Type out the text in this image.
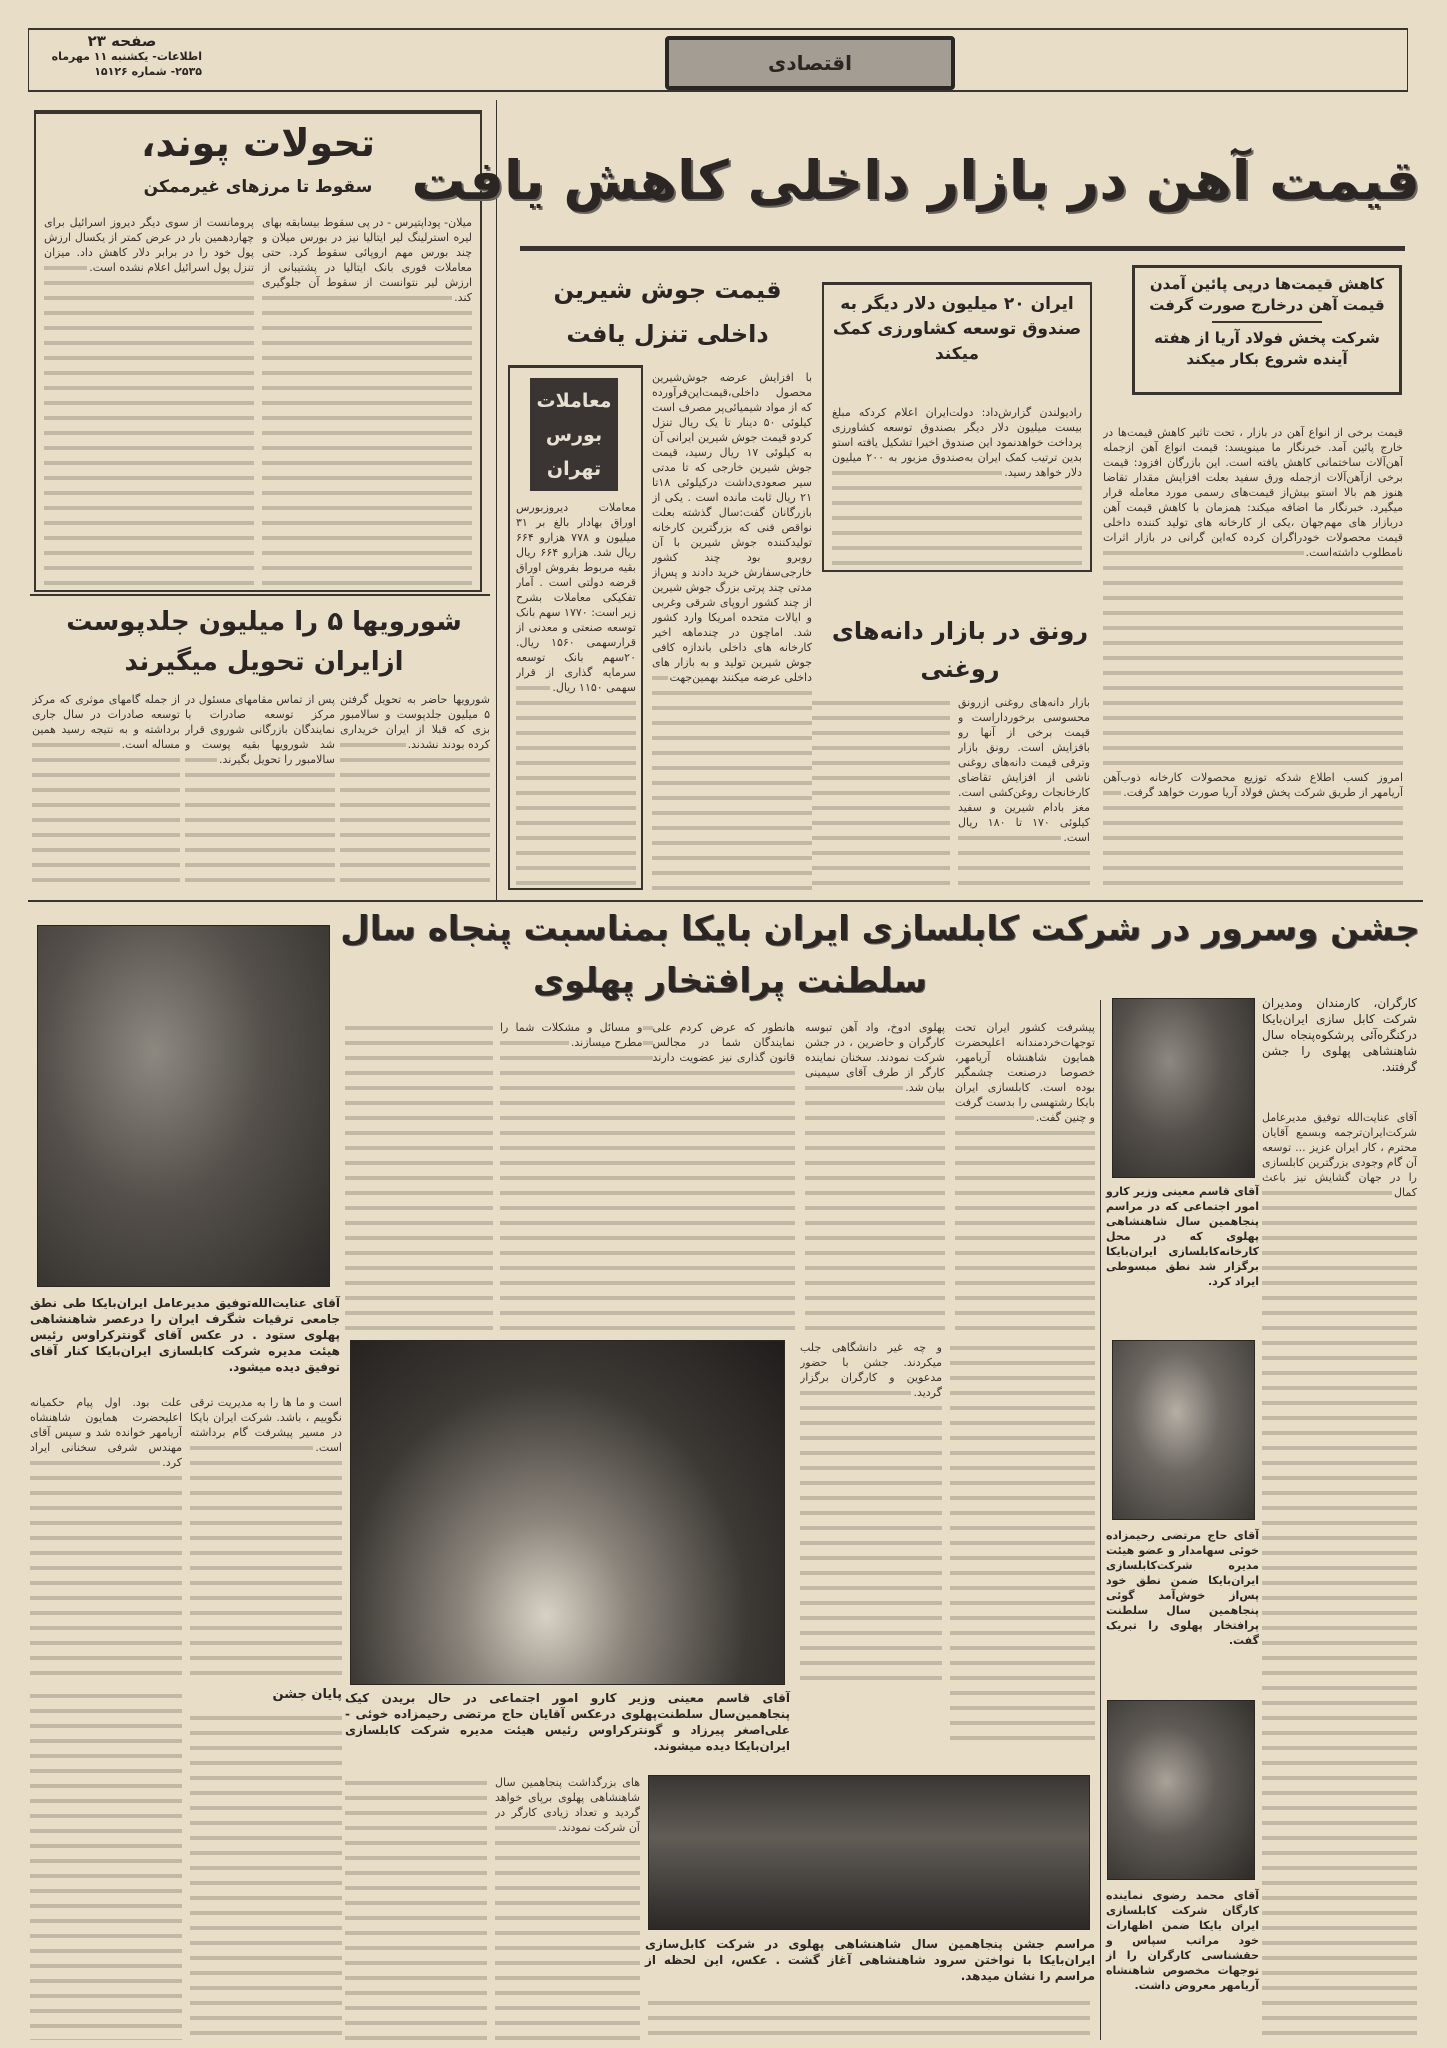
صفحه ۲۳
اطلاعات- یکشنبه ۱۱ مهرماه
۲۵۳۵- شماره ۱۵۱۲۶	اقتصادی
تحولات پوند،
سقوط تا مرزهای غیرممکن
میلان- پوداپتیرس - در پی سقوط بیسابقه بهای لیره استرلینگ لیر ایتالیا نیز در بورس میلان و چند بورس مهم اروپائی سقوط کرد. حتی معاملات فوری بانک ایتالیا در پشتیبانی از ارزش لیر نتوانست از سقوط آن جلوگیری کند.
پرو‌مانست از سوی دیگر دیروز اسرائیل برای چهاردهمین بار در عرض کمتر از یکسال ارزش پول خود را در برابر دلار کاهش داد. میزان تنزل پول اسرائیل اعلام نشده است.
قیمت آهن در بازار داخلی کاهش یافت
کاهش قیمت‌ها درپی پائین آمدن قیمت آهن درخارج صورت گرفت
شرکت پخش فولاد آریا از هفته آینده شروع بکار میکند
قیمت برخی از انواع آهن در بازار ، تحت تاثیر کاهش قیمت‌ها در خارج پائین آمد. خبرنگار ما مینویسد: قیمت انواع آهن ازجمله آهن‌آلات ساختمانی کاهش یافته است. این بازرگان افزود: قیمت برخی ازآهن‌آلات ازجمله ورق سفید بعلت افزایش مقدار تقاضا هنوز هم بالا استو بیش‌از قیمت‌های رسمی مورد معامله قرار میگیرد. خبرنگار ما اضافه میکند: همزمان با کاهش قیمت آهن دربازار های مهم‌جهان ،یکی از کارخانه های تولید کننده داخلی قیمت محصولات خودراگران کرده که‌این گرانی در بازار اثرات نامطلوب داشته‌است.
امروز کسب اطلاع شدکه توزیع محصولات کارخانه ذوب‌آهن آریامهر از طریق شرکت پخش فولاد آریا صورت خواهد گرفت.
ایران ۲۰ میلیون دلار دیگر به صندوق توسعه کشاورزی کمک میکند
رادیولندن گزارش‌داد: دولت‌ایران اعلام کردکه مبلغ بیست میلیون دلار دیگر بصندوق توسعه کشاورزی پرداخت خواهدنمود این صندوق اخیرا تشکیل یافته استو بدین ترتیب کمک ایران به‌صندوق مزبور به ۲۰۰ میلیون دلار خواهد رسید.
قیمت جوش شیرین داخلی تنزل یافت
با افزایش عرضه جوش‌شیرین محصول داخلی،قیمت‌این‌فرآورده که از مواد شیمیائی‌پر مصرف است کیلوئی ۵۰ دینار تا یک ریال تنزل کردو قیمت جوش شیرین ایرانی آن به کیلوئی ۱۷ ریال رسید، قیمت جوش شیرین خارجی که تا مدتی سیر صعودی‌داشت درکیلوئی ۱۸تا ۲۱ ریال ثابت مانده است . یکی از بازرگانان گفت:سال گذشته بعلت نواقص فنی که بزرگترین کارخانه تولیدکننده جوش شیرین با آن روبرو بود چند کشور خارجی‌سفارش خرید دادند و پس‌از مدتی چند پرتی بزرگ جوش شیرین از چند کشور اروپای شرقی وغربی و ایالات متحده امریکا وارد کشور شد. اماچون در چندماهه اخیر کارخانه های داخلی باندازه کافی جوش شیرین تولید و به بازار های داخلی عرضه میکنند بهمین‌جهت
معاملات بورس تهران
معاملات دیروزبورس اوراق بهادار بالغ بر ۳۱ میلیون و ۷۷۸ هزارو ۶۶۴ ریال شد. هزارو ۶۶۴ ریال بقیه مربوط بفروش اوراق قرضه دولتی است . آمار تفکیکی معاملات بشرح زیر است: ۱۷۷۰ سهم بانک توسعه صنعتی و معدنی از قرارسهمی ۱۵۶۰ ریال. ۲۰سهم بانک توسعه سرمایه گذاری از قرار سهمی ۱۱۵۰ ریال.
رونق در بازار دانه‌های روغنی
بازار دانه‌های روغنی ازرونق محسوسی برخورداراست و قیمت برخی از آنها رو بافزایش است. رونق بازار وترقی قیمت دانه‌های روغنی ناشی از افزایش تقاضای کارخانجات روغن‌کشی است. مغز بادام شیرین و سفید کیلوئی ۱۷۰ تا ۱۸۰ ریال است.
شورویها ۵ را میلیون جلدپوست ازایران تحویل میگیرند
شورویها حاضر به تحویل گرفتن ۵ میلیون جلدپوست و سالامبور بزی که قبلا از ایران خریداری کرده بودند نشدند.
پس از تماس مقامهای مسئول در مرکز توسعه صادرات با نمایندگان بازرگانی شوروی قرار شد شورویها بقیه پوست و سالامبور را تحویل بگیرند.
از جمله گامهای موثری که مرکز توسعه صادرات در سال جاری برداشته و به نتیجه رسید همین مساله است.
جشن وسرور در شرکت کابلسازی ایران بایکا بمناسبت پنجاه سال
سلطنت پرافتخار پهلوی
آقای عنایت‌الله‌توفیق مدیرعامل ایران‌بایکا طی نطق جامعی ترقیات شگرف ایران را درعصر شاهنشاهی پهلوی ستود . در عکس آقای گونترکراوس رئیس هیئت مدیره شرکت کابلسازی ایران‌بایکا کنار آقای توفیق دیده میشود.
است و ما ها را به مدیریت ترقی نگوییم ، باشد. شرکت ایران بایکا در مسیر پیشرفت گام برداشته است.
علت بود. اول پیام حکمیانه اعلیحضرت همایون شاهنشاه آریامهر خوانده شد و سپس آقای مهندس شرفی سخنانی ایراد کرد.
پایان جشن
پیشرفت کشور ایران تحت توجهات‌خردمندانه اعلیحضرت همایون شاهنشاه آریامهر، خصوصا درصنعت چشمگیر بوده است. کابلسازی ایران بایکا رشتهسی را بدست گرفت و چنین گفت.
پهلوی ادوخ، واد آهن تبوسه کارگران و حاضرین ، در جشن شرکت نمودند. سخنان نماینده کارگر از طرف آقای سیمینی بیان شد.
هانطور که عرض کردم علی نمایندگان شما در مجالس قانون گذاری نیز عضویت دارند و مسائل و مشکلات شما را مطرح میسازند.
آقای قاسم معینی وزیر کارو امور اجتماعی در حال بریدن کیک پنجاهمین‌سال سلطنت‌پهلوی درعکس آقایان حاج مرتضی رحیمزاده خوئی - علی‌اصغر پیرزاد و گونترکراوس رئیس هیئت مدیره شرکت کابلسازی ایران‌بایکا دیده میشوند.
و چه غیر دانشگاهی جلب میکردند. جشن با حضور مدعوین و کارگران برگزار گردید.
های بزرگداشت پنجاهمین سال شاهنشاهی پهلوی برپای خواهد گردید و تعداد زیادی کارگر در آن شرکت نمودند.
مراسم جشن پنجاهمین سال شاهنشاهی پهلوی در شرکت کابل‌سازی ایران‌بایکا با نواختن سرود شاهنشاهی آغاز گشت . عکس، این لحظه از مراسم را نشان میدهد.
کارگران، کارمندان ومدیران شرکت کابل سازی ایران‌بایکا درکنگره‌آئی پرشکوه‌پنجاه سال شاهنشاهی پهلوی را جشن گرفتند.
آقای عنایت‌الله توفیق مدیرعامل شرکت‌ایران‌ترجمه وبسمع آقایان محترم ، کار ایران عزیز ... توسعه آن گام وجودی بزرگترین کابلسازی را در جهان گشایش نیز باعث کمال
آقای قاسم معینی وزیر کارو امور اجتماعی که در مراسم پنجاهمین سال شاهنشاهی پهلوی که در محل کارخانه‌کابلسازی ایران‌بایکا برگزار شد نطق مبسوطی ایراد کرد.
آقای حاج مرتضی رحیمزاده خوئی سهامدار و عضو هیئت مدیره شرکت‌کابلسازی ایران‌بایکا ضمن نطق خود پس‌از خوش‌آمد گوئی پنجاهمین سال سلطنت پرافتخار پهلوی را تبریک گفت.
آقای محمد رضوی نماینده کارگان شرکت کابلسازی ایران بایکا ضمن اظهارات خود مراتب سپاس و حقشناسی کارگران را از توجهات مخصوص شاهنشاه آریامهر معروض داشت.
